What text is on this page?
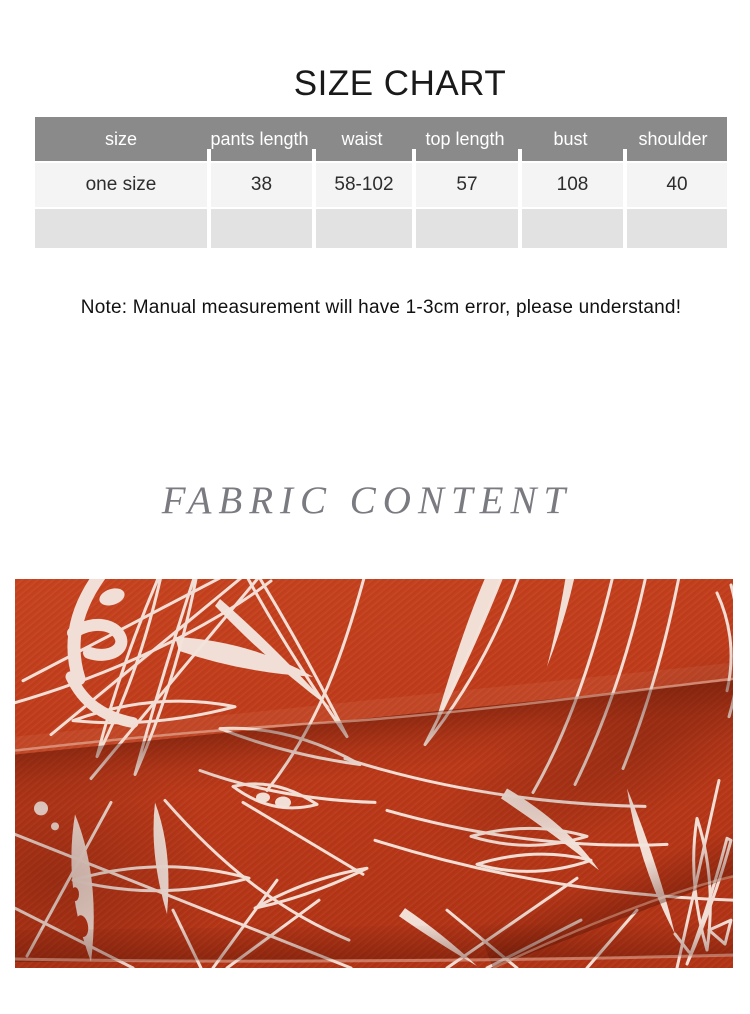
SIZE CHART
size	pants length	waist	top length	bust	shoulder
one size	38	58-102	57	108	40

Note: Manual measurement will have 1-3cm error, please understand!

FABRIC CONTENT
